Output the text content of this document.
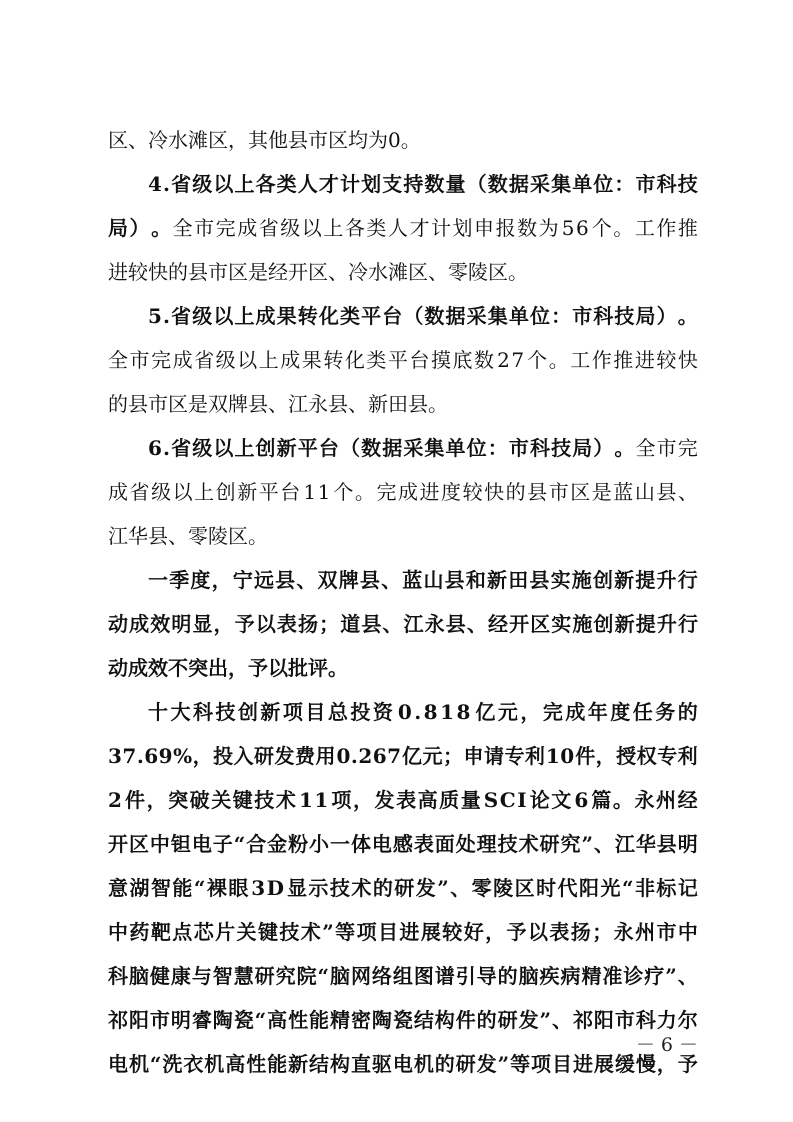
区 、 冷 水 滩 区 ， 其 他 县 市 区 均 为 0 。
4 . 省 级 以 上 各 类 人 才 计 划 支 持 数 量 （ 数 据 采 集 单 位 ： 市 科 技
局 ） 。 全 市 完 成 省 级 以 上 各 类 人 才 计 划 申 报 数 为 5 6 个 。 工 作 推
进 较 快 的 县 市 区 是 经 开 区 、 冷 水 滩 区 、 零 陵 区 。
5 . 省 级 以 上 成 果 转 化 类 平 台 （ 数 据 采 集 单 位 ： 市 科 技 局 ） 。
全 市 完 成 省 级 以 上 成 果 转 化 类 平 台 摸 底 数 2 7 个 。 工 作 推 进 较 快
的 县 市 区 是 双 牌 县 、 江 永 县 、 新 田 县 。
6 . 省 级 以 上 创 新 平 台 （ 数 据 采 集 单 位 ： 市 科 技 局 ） 。 全 市 完
成 省 级 以 上 创 新 平 台 1 1 个 。 完 成 进 度 较 快 的 县 市 区 是 蓝 山 县 、
江 华 县 、 零 陵 区 。
一 季 度 ， 宁 远 县 、 双 牌 县 、 蓝 山 县 和 新 田 县 实 施 创 新 提 升 行
动 成 效 明 显 ， 予 以 表 扬 ； 道 县 、 江 永 县 、 经 开 区 实 施 创 新 提 升 行
动 成 效 不 突 出 ， 予 以 批 评 。
十 大 科 技 创 新 项 目 总 投 资 0 . 8 1 8 亿 元 ， 完 成 年 度 任 务 的
3 7 . 6 9 % ， 投 入 研 发 费 用 0 . 2 6 7 亿 元 ； 申 请 专 利 1 0 件 ， 授 权 专 利
2 件 ， 突 破 关 键 技 术 1 1 项 ， 发 表 高 质 量 S C I 论 文 6 篇 。 永 州 经
开 区 中 钽 电 子 “ 合 金 粉 小 一 体 电 感 表 面 处 理 技 术 研 究 ” 、 江 华 县 明
意 湖 智 能 “ 裸 眼 3 D 显 示 技 术 的 研 发 ” 、 零 陵 区 时 代 阳 光 “ 非 标 记
中 药 靶 点 芯 片 关 键 技 术 ” 等 项 目 进 展 较 好 ， 予 以 表 扬 ； 永 州 市 中
科 脑 健 康 与 智 慧 研 究 院 “ 脑 网 络 组 图 谱 引 导 的 脑 疾 病 精 准 诊 疗 ” 、
祁 阳 市 明 睿 陶 瓷 “ 高 性 能 精 密 陶 瓷 结 构 件 的 研 发 ” 、 祁 阳 市 科 力 尔
电 机 “ 洗 衣 机 高 性 能 新 结 构 直 驱 电 机 的 研 发 ” 等 项 目 进 展 缓 慢 ， 予
－ 6 －
